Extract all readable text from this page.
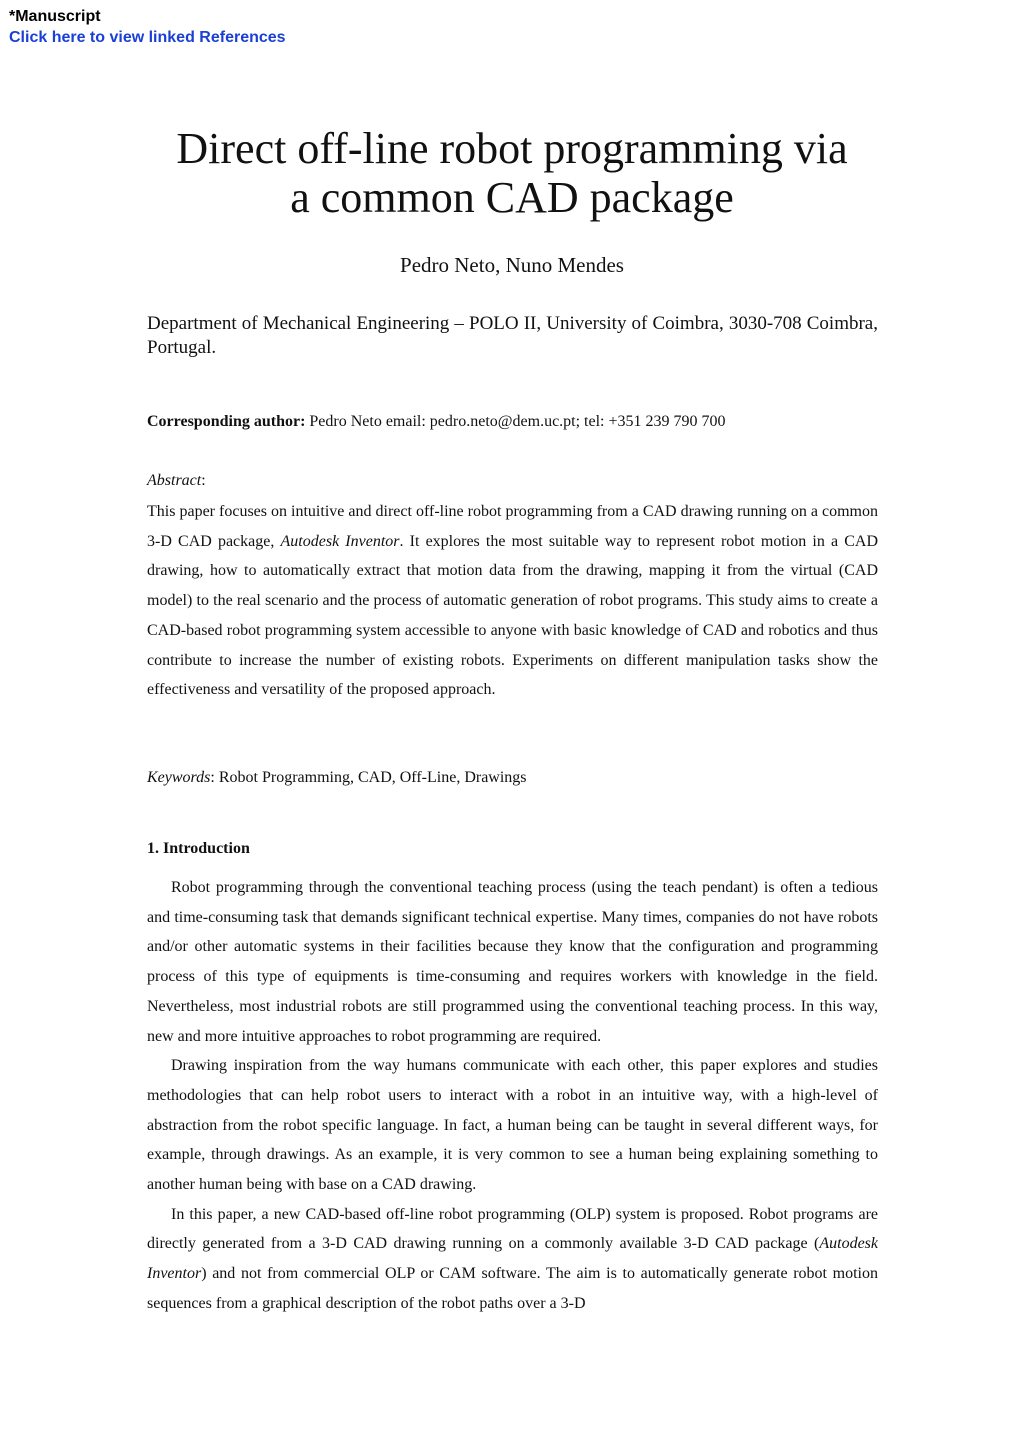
*Manuscript
Click here to view linked References
Direct off-line robot programming via
a common CAD package
Pedro Neto, Nuno Mendes
Department of Mechanical Engineering – POLO II, University of Coimbra, 3030-708 Coimbra, Portugal.
Corresponding author: Pedro Neto email: pedro.neto@dem.uc.pt; tel: +351 239 790 700
Abstract:

This paper focuses on intuitive and direct off-line robot programming from a CAD drawing running on a common 3-D CAD package, Autodesk Inventor. It explores the most suitable way to represent robot motion in a CAD drawing, how to automatically extract that motion data from the drawing, mapping it from the virtual (CAD model) to the real scenario and the process of automatic generation of robot programs. This study aims to create a CAD-based robot programming system accessible to anyone with basic knowledge of CAD and robotics and thus contribute to increase the number of existing robots. Experiments on different manipulation tasks show the effectiveness and versatility of the proposed approach.

Keywords: Robot Programming, CAD, Off-Line, Drawings
1. Introduction

Robot programming through the conventional teaching process (using the teach pendant) is often a tedious and time-consuming task that demands significant technical expertise. Many times, companies do not have robots and/or other automatic systems in their facilities because they know that the configuration and programming process of this type of equipments is time-consuming and requires workers with knowledge in the field. Nevertheless, most industrial robots are still programmed using the conventional teaching process. In this way, new and more intuitive approaches to robot programming are required.

Drawing inspiration from the way humans communicate with each other, this paper explores and studies methodologies that can help robot users to interact with a robot in an intuitive way, with a high-level of abstraction from the robot specific language. In fact, a human being can be taught in several different ways, for example, through drawings. As an example, it is very common to see a human being explaining something to another human being with base on a CAD drawing.

In this paper, a new CAD-based off-line robot programming (OLP) system is proposed. Robot programs are directly generated from a 3-D CAD drawing running on a commonly available 3-D CAD package (Autodesk Inventor) and not from commercial OLP or CAM software. The aim is to automatically generate robot motion sequences from a graphical description of the robot paths over a 3-D
